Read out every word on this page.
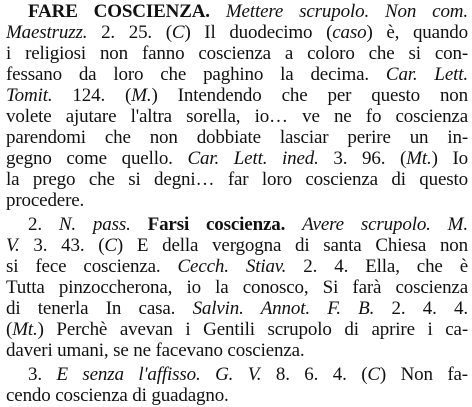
FARE COSCIENZA. Mettere scrupolo. Non com.
Maestruzz. 2. 25. (C) Il duodecimo (caso) è, quando
i religiosi non fanno coscienza a coloro che si con-
fessano da loro che paghino la decima. Car. Lett.
Tomit. 124. (M.) Intendendo che per questo non
volete ajutare l'altra sorella, io… ve ne fo coscienza
parendomi che non dobbiate lasciar perire un in-
gegno come quello. Car. Lett. ined. 3. 96. (Mt.) Io
la prego che si degni… far loro coscienza di questo
procedere.
2. N. pass. Farsi coscienza. Avere scrupolo. M.
V. 3. 43. (C) E della vergogna di santa Chiesa non
si fece coscienza. Cecch. Stiav. 2. 4. Ella, che è
Tutta pinzoccherona, io la conosco, Si farà coscienza
di tenerla In casa. Salvin. Annot. F. B. 2. 4. 4.
(Mt.) Perchè avevan i Gentili scrupolo di aprire i ca-
daveri umani, se ne facevano coscienza.
3. E senza l'affisso. G. V. 8. 6. 4. (C) Non fa-
cendo coscienza di guadagno.
